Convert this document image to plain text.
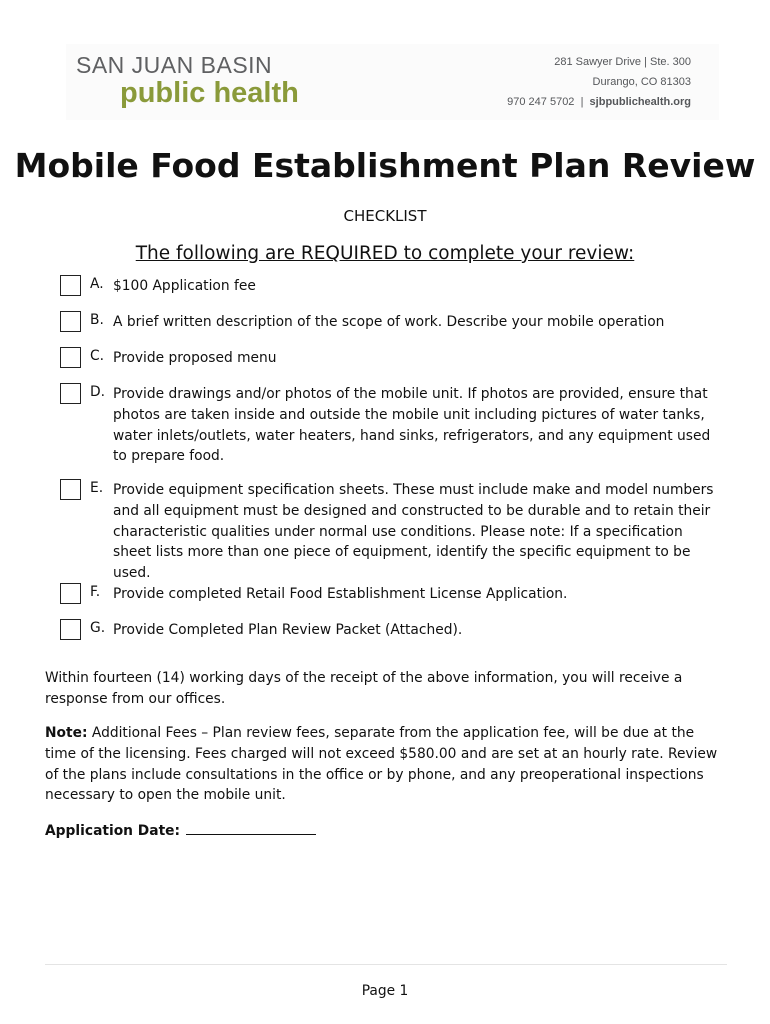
SAN JUAN BASIN
public health
281 Sawyer Drive | Ste. 300
Durango, CO 81303
970 247 5702 | sjbpublichealth.org
Mobile Food Establishment Plan Review
CHECKLIST
The following are REQUIRED to complete your review:
A. $100 Application fee
B. A brief written description of the scope of work. Describe your mobile operation
C. Provide proposed menu
D. Provide drawings and/or photos of the mobile unit. If photos are provided, ensure that photos are taken inside and outside the mobile unit including pictures of water tanks, water inlets/outlets, water heaters, hand sinks, refrigerators, and any equipment used to prepare food.
E. Provide equipment specification sheets. These must include make and model numbers and all equipment must be designed and constructed to be durable and to retain their characteristic qualities under normal use conditions. Please note: If a specification sheet lists more than one piece of equipment, identify the specific equipment to be used.
F. Provide completed Retail Food Establishment License Application.
G. Provide Completed Plan Review Packet (Attached).
Within fourteen (14) working days of the receipt of the above information, you will receive a response from our offices.
Note: Additional Fees – Plan review fees, separate from the application fee, will be due at the time of the licensing. Fees charged will not exceed $580.00 and are set at an hourly rate. Review of the plans include consultations in the office or by phone, and any preoperational inspections necessary to open the mobile unit.
Application Date:
Page 1
